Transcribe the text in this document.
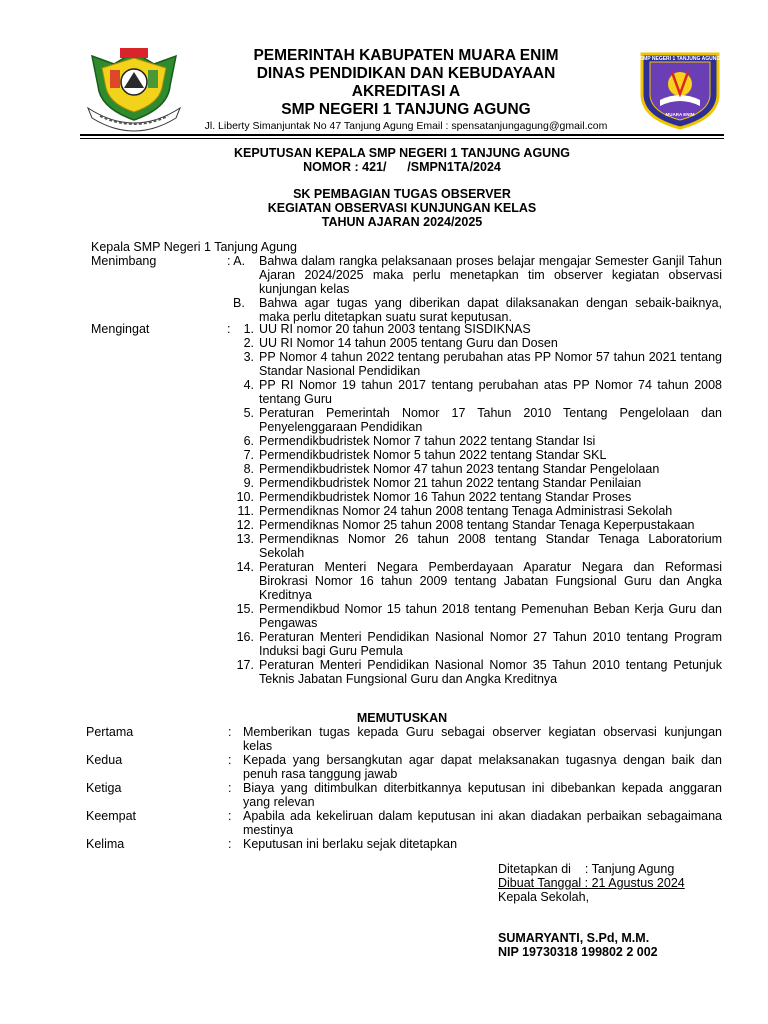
SMP NEGERI 1 TANJUNG AGUNG
MUARA ENIM
PEMERINTAH KABUPATEN MUARA ENIM
DINAS PENDIDIKAN DAN KEBUDAYAAN
AKREDITASI A
SMP NEGERI 1 TANJUNG AGUNG
Jl. Liberty Simanjuntak No 47 Tanjung Agung Email : spensatanjungagung@gmail.com
KEPUTUSAN KEPALA SMP NEGERI 1 TANJUNG AGUNG
NOMOR : 421/      /SMPN1TA/2024
SK PEMBAGIAN TUGAS OBSERVER
KEGIATAN OBSERVASI KUNJUNGAN KELAS
TAHUN AJARAN 2024/2025
Kepala SMP Negeri 1 Tanjung Agung
Menimbang	: A. Bahwa dalam rangka pelaksanaan proses belajar mengajar Semester Ganjil Tahun Ajaran 2024/2025 maka perlu menetapkan tim observer kegiatan observasi kunjungan kelas
B. Bahwa agar tugas yang diberikan dapat dilaksanakan dengan sebaik-baiknya, maka perlu ditetapkan suatu surat keputusan.
Mengingat	:	1. UU RI nomor 20 tahun 2003 tentang SISDIKNAS
2. UU RI Nomor 14 tahun 2005 tentang Guru dan Dosen
3. PP Nomor 4 tahun 2022 tentang perubahan atas PP Nomor 57 tahun 2021 tentang Standar Nasional Pendidikan
4. PP RI Nomor 19 tahun 2017 tentang perubahan atas PP Nomor 74 tahun 2008 tentang Guru
5. Peraturan Pemerintah Nomor 17 Tahun 2010 Tentang Pengelolaan dan Penyelenggaraan Pendidikan
6. Permendikbudristek Nomor 7 tahun 2022 tentang Standar Isi
7. Permendikbudristek Nomor 5 tahun 2022 tentang Standar SKL
8. Permendikbudristek Nomor 47 tahun 2023 tentang Standar Pengelolaan
9. Permendikbudristek Nomor 21 tahun 2022 tentang Standar Penilaian
10. Permendikbudristek Nomor 16 Tahun 2022 tentang Standar Proses
11. Permendiknas Nomor 24 tahun 2008 tentang Tenaga Administrasi Sekolah
12. Permendiknas Nomor 25 tahun 2008 tentang Standar Tenaga Keperpustakaan
13. Permendiknas Nomor 26 tahun 2008 tentang Standar Tenaga Laboratorium Sekolah
14. Peraturan Menteri Negara Pemberdayaan Aparatur Negara dan Reformasi Birokrasi Nomor 16 tahun 2009 tentang Jabatan Fungsional Guru dan Angka Kreditnya
15. Permendikbud Nomor 15 tahun 2018 tentang Pemenuhan Beban Kerja Guru dan Pengawas
16. Peraturan Menteri Pendidikan Nasional Nomor 27 Tahun 2010 tentang Program Induksi bagi Guru Pemula
17. Peraturan Menteri Pendidikan Nasional Nomor 35 Tahun 2010 tentang Petunjuk Teknis Jabatan Fungsional Guru dan Angka Kreditnya
MEMUTUSKAN
Pertama	: Memberikan tugas kepada Guru sebagai observer kegiatan observasi kunjungan kelas
Kedua	: Kepada yang bersangkutan agar dapat melaksanakan tugasnya dengan baik dan penuh rasa tanggung jawab
Ketiga	: Biaya yang ditimbulkan diterbitkannya keputusan ini dibebankan kepada anggaran yang relevan
Keempat	: Apabila ada kekeliruan dalam keputusan ini akan diadakan perbaikan sebagaimana mestinya
Kelima	: Keputusan ini berlaku sejak ditetapkan
Ditetapkan di    : Tanjung Agung
Dibuat Tanggal : 21 Agustus 2024
Kepala Sekolah,
SUMARYANTI, S.Pd, M.M.
NIP 19730318 199802 2 002
